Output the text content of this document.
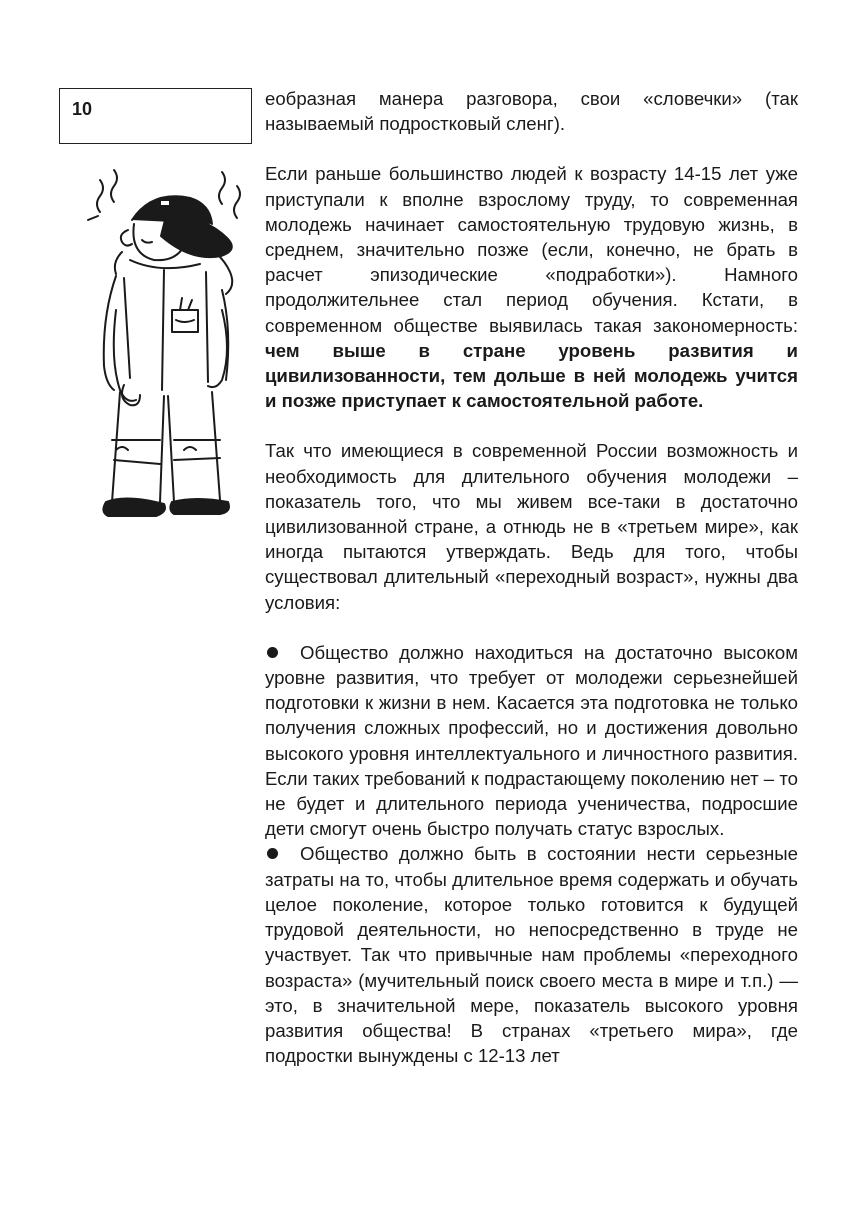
10	еобразная манера разговора, свои «словечки» (так называемый подростковый сленг).

Если раньше большинство людей к возрасту 14-15 лет уже приступали к вполне взрослому труду, то современная молодежь начинает самостоятельную трудовую жизнь, в среднем, значительно позже (если, конечно, не брать в расчет эпизодические «подработки»). Намного продолжительнее стал период обучения. Кстати, в современном обществе выявилась такая закономерность: чем выше в стране уровень развития и цивилизованности, тем дольше в ней молодежь учится и позже приступает к самостоятельной работе.

Так что имеющиеся в современной России возможность и необходимость для длительного обучения молодежи – показатель того, что мы живем все-таки в достаточно цивилизованной стране, а отнюдь не в «третьем мире», как иногда пытаются утверждать. Ведь для того, чтобы существовал длительный «переходный возраст», нужны два условия:

Общество должно находиться на достаточно высоком уровне развития, что требует от молодежи серьезнейшей подготовки к жизни в нем. Касается эта подготовка не только получения сложных профессий, но и достижения довольно высокого уровня интеллектуального и личностного развития. Если таких требований к подрастающему поколению нет – то не будет и длительного периода ученичества, подросшие дети смогут очень быстро получать статус взрослых.

Общество должно быть в состоянии нести серьезные затраты на то, чтобы длительное время содержать и обучать целое поколение, которое только готовится к будущей трудовой деятельности, но непосредственно в труде не участвует. Так что привычные нам проблемы «переходного возраста» (мучительный поиск своего места в мире и т.п.) — это, в значительной мере, показатель высокого уровня развития общества! В странах «третьего мира», где подростки вынуждены с 12-13 лет
